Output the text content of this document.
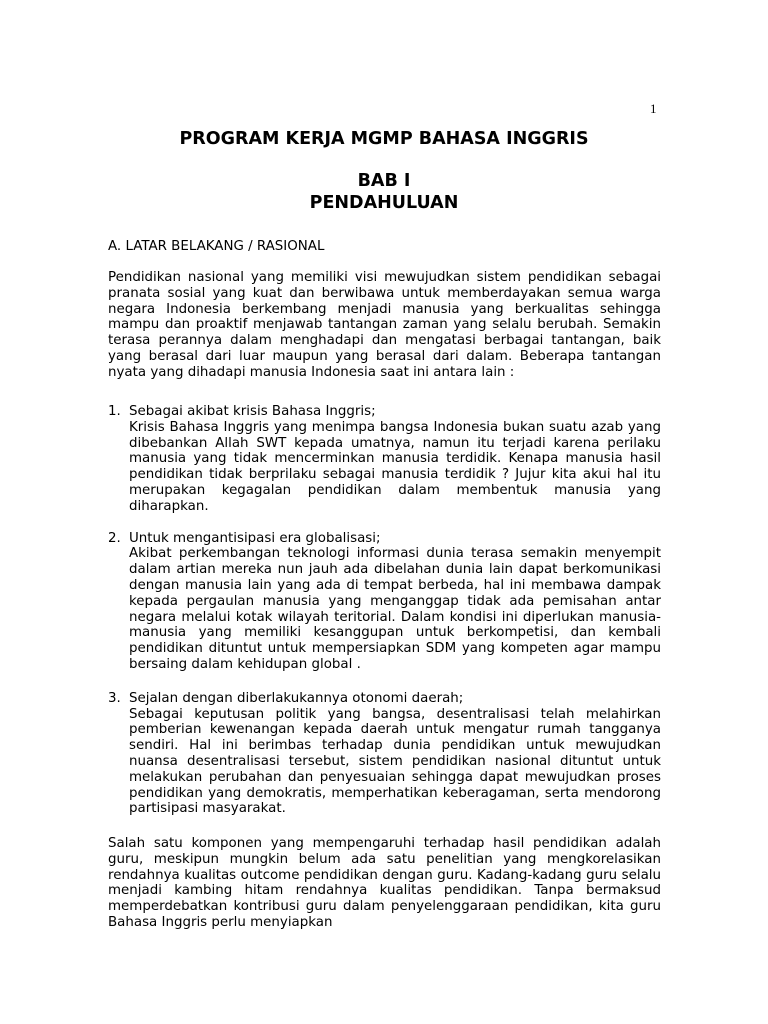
1
PROGRAM KERJA MGMP BAHASA INGGRIS
BAB I
PENDAHULUAN
A. LATAR BELAKANG / RASIONAL

Pendidikan nasional yang memiliki visi mewujudkan sistem pendidikan sebagai pranata sosial yang kuat dan berwibawa untuk memberdayakan semua warga negara Indonesia berkembang menjadi manusia yang berkualitas sehingga mampu dan proaktif menjawab tantangan zaman yang selalu berubah. Semakin terasa perannya dalam menghadapi dan mengatasi berbagai tantangan, baik yang berasal dari luar maupun yang berasal dari dalam. Beberapa tantangan nyata yang dihadapi manusia Indonesia saat ini antara lain :

1. Sebagai akibat krisis Bahasa Inggris;

Krisis Bahasa Inggris yang menimpa bangsa Indonesia bukan suatu azab yang dibebankan Allah SWT kepada umatnya, namun itu terjadi karena perilaku manusia yang tidak mencerminkan manusia terdidik. Kenapa manusia hasil pendidikan tidak berprilaku sebagai manusia terdidik ? Jujur kita akui hal itu merupakan kegagalan pendidikan dalam membentuk manusia yang diharapkan.

2. Untuk mengantisipasi era globalisasi;

Akibat perkembangan teknologi informasi dunia terasa semakin menyempit dalam artian mereka nun jauh ada dibelahan dunia lain dapat berkomunikasi dengan manusia lain yang ada di tempat berbeda, hal ini membawa dampak kepada pergaulan manusia yang menganggap tidak ada pemisahan antar negara melalui kotak wilayah teritorial. Dalam kondisi ini diperlukan manusia-manusia yang memiliki kesanggupan untuk berkompetisi, dan kembali pendidikan dituntut untuk mempersiapkan SDM yang kompeten agar mampu bersaing dalam kehidupan global .

3. Sejalan dengan diberlakukannya otonomi daerah;

Sebagai keputusan politik yang bangsa, desentralisasi telah melahirkan pemberian kewenangan kepada daerah untuk mengatur rumah tangganya sendiri. Hal ini berimbas terhadap dunia pendidikan untuk mewujudkan nuansa desentralisasi tersebut, sistem pendidikan nasional dituntut untuk melakukan perubahan dan penyesuaian sehingga dapat mewujudkan proses pendidikan yang demokratis, memperhatikan keberagaman, serta mendorong partisipasi masyarakat.

Salah satu komponen yang mempengaruhi terhadap hasil pendidikan adalah guru, meskipun mungkin belum ada satu penelitian yang mengkorelasikan rendahnya kualitas outcome pendidikan dengan guru. Kadang-kadang guru selalu menjadi kambing hitam rendahnya kualitas pendidikan. Tanpa bermaksud memperdebatkan kontribusi guru dalam penyelenggaraan pendidikan, kita guru Bahasa Inggris perlu menyiapkan
